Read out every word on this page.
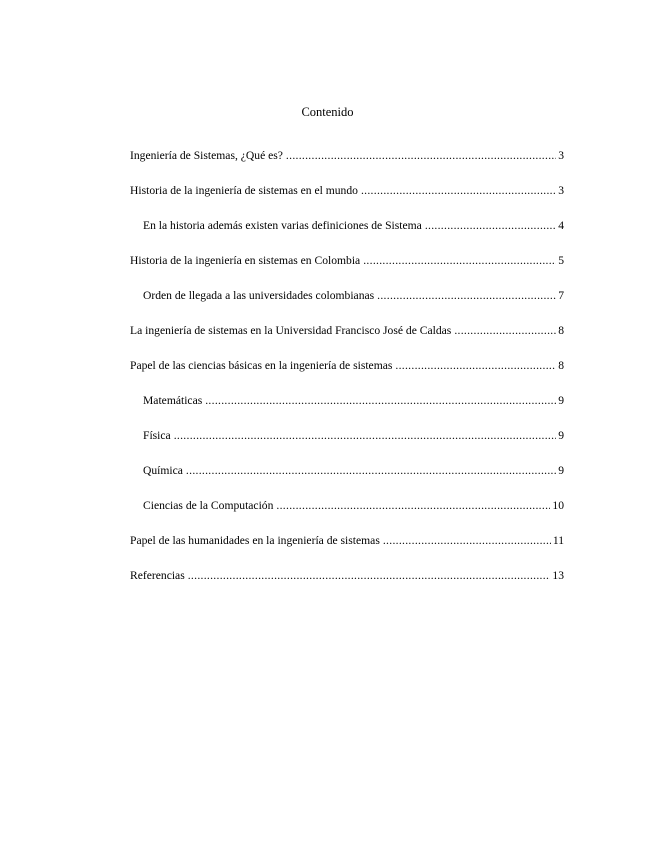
Contenido
Ingeniería de Sistemas, ¿Qué es? .....	3
Historia de la ingeniería de sistemas en el mundo .....	3
En la historia además existen varias definiciones de Sistema .....	4
Historia de la ingeniería en sistemas en Colombia .....	5
Orden de llegada a las universidades colombianas .....	7
La ingeniería de sistemas en la Universidad Francisco José de Caldas .....	8
Papel de las ciencias básicas en la ingeniería de sistemas .....	8
Matemáticas .....	9
Física .....	9
Química .....	9
Ciencias de la Computación .....	10
Papel de las humanidades en la ingeniería de sistemas .....	11
Referencias .....	13
